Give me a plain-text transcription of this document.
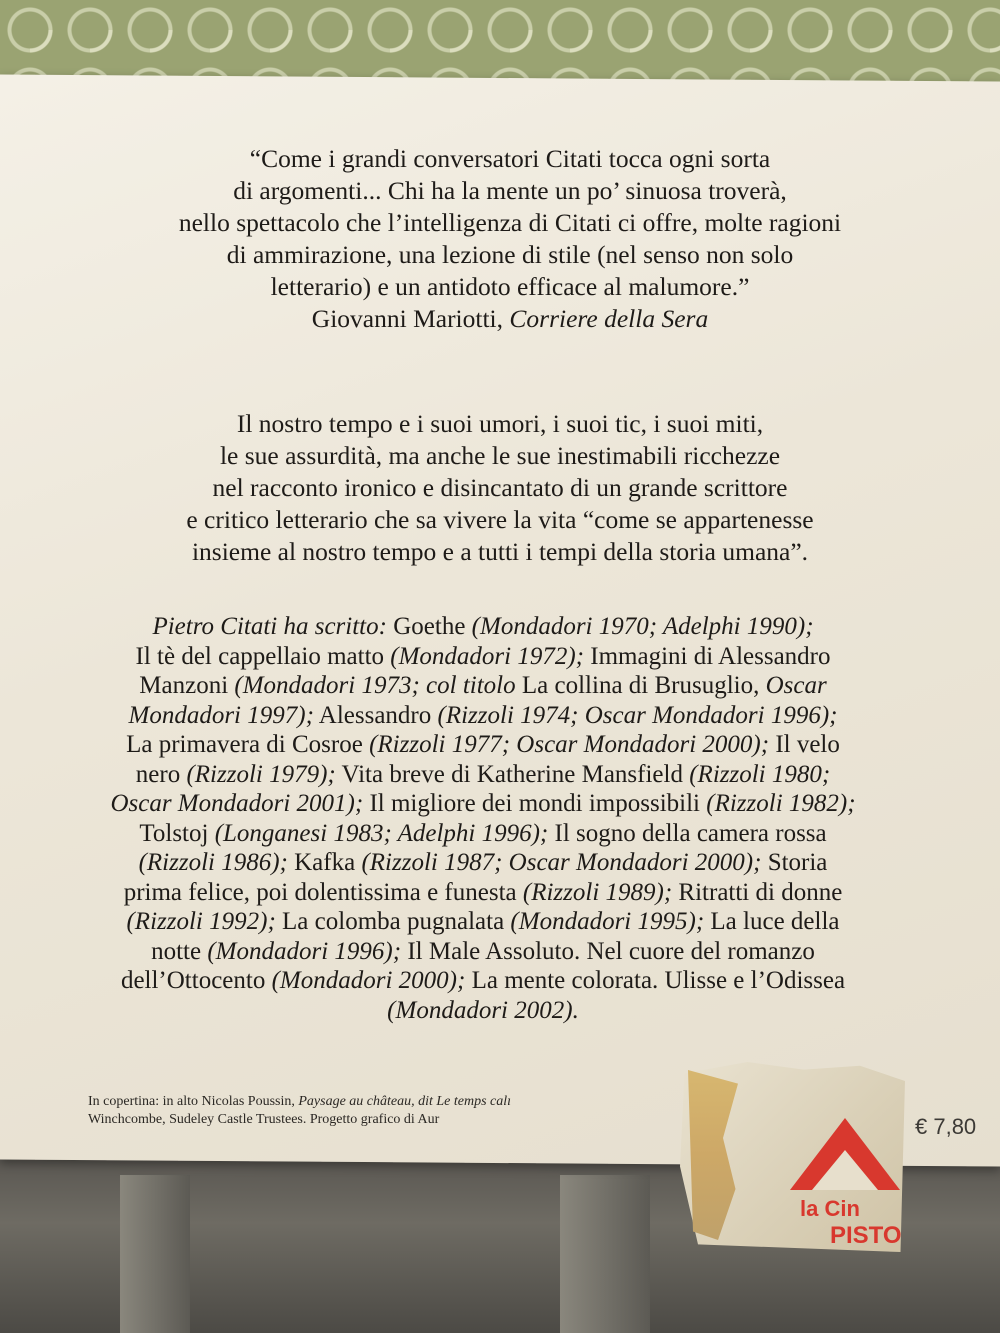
“Come i grandi conversatori Citati tocca ogni sorta
di argomenti... Chi ha la mente un po’ sinuosa troverà,
nello spettacolo che l’intelligenza di Citati ci offre, molte ragioni
di ammirazione, una lezione di stile (nel senso non solo
letterario) e un antidoto efficace al malumore.”
Giovanni Mariotti, Corriere della Sera
Il nostro tempo e i suoi umori, i suoi tic, i suoi miti,
le sue assurdità, ma anche le sue inestimabili ricchezze
nel racconto ironico e disincantato di un grande scrittore
e critico letterario che sa vivere la vita “come se appartenesse
insieme al nostro tempo e a tutti i tempi della storia umana”.
Pietro Citati ha scritto: Goethe (Mondadori 1970; Adelphi 1990);
Il tè del cappellaio matto (Mondadori 1972); Immagini di Alessandro
Manzoni (Mondadori 1973; col titolo La collina di Brusuglio, Oscar
Mondadori 1997); Alessandro (Rizzoli 1974; Oscar Mondadori 1996);
La primavera di Cosroe (Rizzoli 1977; Oscar Mondadori 2000); Il velo
nero (Rizzoli 1979); Vita breve di Katherine Mansfield (Rizzoli 1980;
Oscar Mondadori 2001); Il migliore dei mondi impossibili (Rizzoli 1982);
Tolstoj (Longanesi 1983; Adelphi 1996); Il sogno della camera rossa
(Rizzoli 1986); Kafka (Rizzoli 1987; Oscar Mondadori 2000); Storia
prima felice, poi dolentissima e funesta (Rizzoli 1989); Ritratti di donne
(Rizzoli 1992); La colomba pugnalata (Mondadori 1995); La luce della
notte (Mondadori 1996); Il Male Assoluto. Nel cuore del romanzo
dell’Ottocento (Mondadori 2000); La mente colorata. Ulisse e l’Odissea
(Mondadori 2002).
In copertina: in alto Nicolas Poussin, Paysage au château, dit Le temps calı
Winchcombe, Sudeley Castle Trustees. Progetto grafico di Aur
la Cin
PISTO
€ 7,80
